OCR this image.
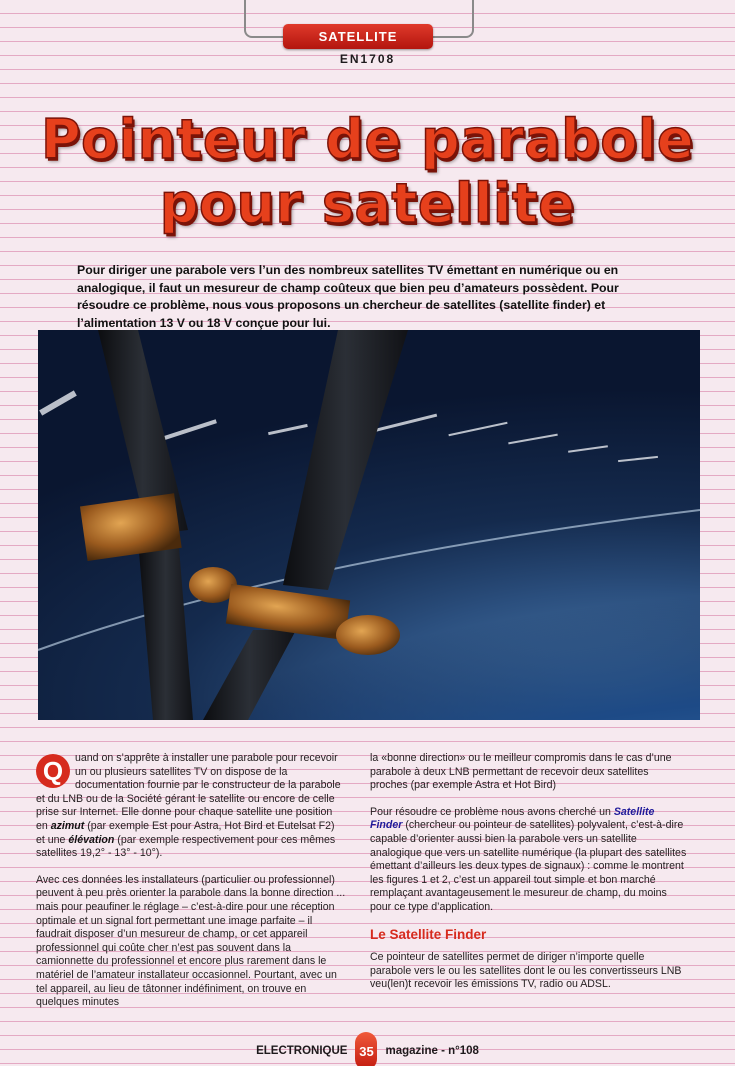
SATELLITE
EN1708
Pointeur de parabole
pour satellite

Pour diriger une parabole vers l’un des nombreux satellites TV émettant en numérique ou en analogique, il faut un mesureur de champ coûteux que bien peu d’amateurs possèdent. Pour résoudre ce problème, nous vous proposons un chercheur de satellites (satellite finder) et l’alimentation 13 V ou 18 V conçue pour lui.

Q	uand on s’apprête à installer une parabole pour recevoir un ou plusieurs satellites TV on dispose de la documentation fournie par le constructeur de la parabole et du LNB ou de la Société gérant le satellite ou encore de celle prise sur Internet. Elle donne pour chaque satellite une position en azimut (par exemple Est pour Astra, Hot Bird et Eutelsat F2) et une élévation (par exemple respectivement pour ces mêmes satellites 19,2° - 13° - 10°).

Avec ces données les installateurs (particulier ou professionnel) peuvent à peu près orienter la parabole dans la bonne direction ... mais pour peaufiner le réglage – c’est-à-dire pour une réception optimale et un signal fort permettant une image parfaite – il faudrait disposer d’un mesureur de champ, or cet appareil professionnel qui coûte cher n’est pas souvent dans la camionnette du professionnel et encore plus rarement dans le matériel de l’amateur installateur occasionnel. Pourtant, avec un tel appareil, au lieu de tâtonner indéfiniment, on trouve en quelques minutes

la «bonne direction» ou le meilleur compromis dans le cas d’une parabole à deux LNB permettant de recevoir deux satellites proches (par exemple Astra et Hot Bird)

Pour résoudre ce problème nous avons cherché un Satellite Finder (chercheur ou pointeur de satellites) polyvalent, c’est-à-dire capable d’orienter aussi bien la parabole vers un satellite analogique que vers un satellite numérique (la plupart des satellites émettant d’ailleurs les deux types de signaux) : comme le montrent les figures 1 et 2, c’est un appareil tout simple et bon marché remplaçant avantageusement le mesureur de champ, du moins pour ce type d’application.

Le Satellite Finder

Ce pointeur de satellites permet de diriger n’importe quelle parabole vers le ou les satellites dont le ou les convertisseurs LNB veu(len)t recevoir les émissions TV, radio ou ADSL.

ELECTRONIQUE 35	magazine - n°108
